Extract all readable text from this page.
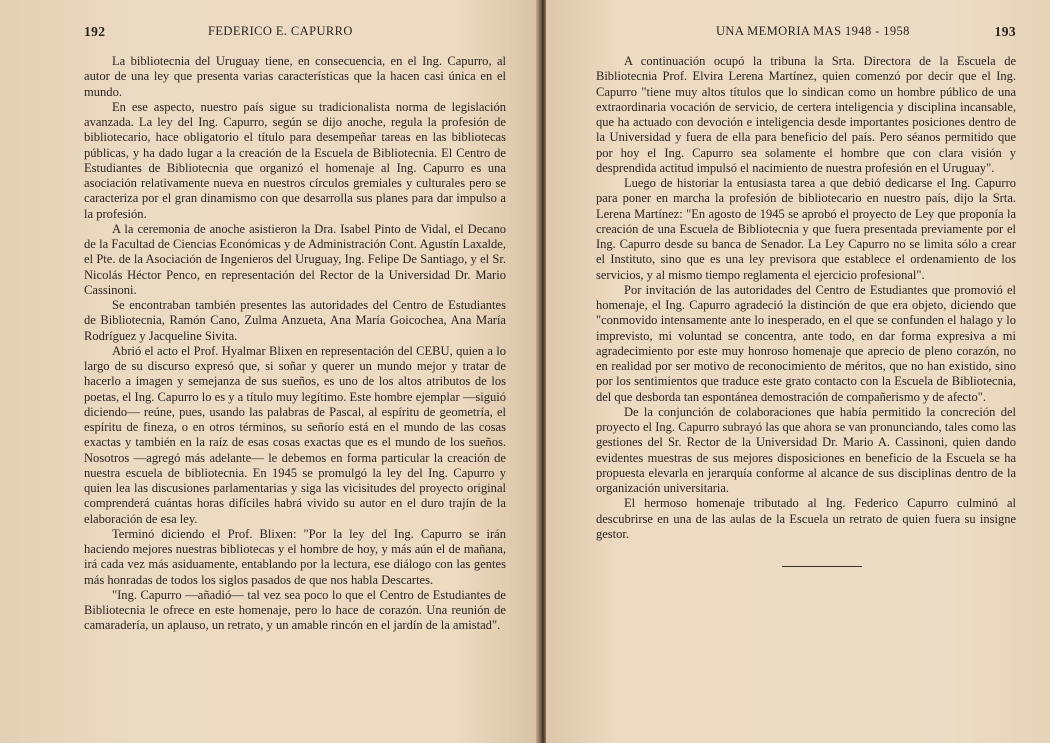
192	FEDERICO E. CAPURRO

La bibliotecnia del Uruguay tiene, en consecuencia, en el Ing. Capurro, al autor de una ley que presenta varias características que la hacen casi única en el mundo.

En ese aspecto, nuestro país sigue su tradicionalista norma de legislación avanzada. La ley del Ing. Capurro, según se dijo anoche, regula la profesión de bibliotecario, hace obligatorio el título para desempeñar tareas en las bibliotecas públicas, y ha dado lugar a la creación de la Escuela de Bibliotecnia. El Centro de Estudiantes de Bibliotecnia que organizó el homenaje al Ing. Capurro es una asociación relativamente nueva en nuestros círculos gremiales y culturales pero se caracteriza por el gran dinamismo con que desarrolla sus planes para dar impulso a la profesión.

A la ceremonia de anoche asistieron la Dra. Isabel Pinto de Vidal, el Decano de la Facultad de Ciencias Económicas y de Administración Cont. Agustín Laxalde, el Pte. de la Asociación de Ingenieros del Uruguay, Ing. Felipe De Santiago, y el Sr. Nicolás Héctor Penco, en representación del Rector de la Universidad Dr. Mario Cassinoni.

Se encontraban también presentes las autoridades del Centro de Estudiantes de Bibliotecnia, Ramón Cano, Zulma Anzueta, Ana María Goicochea, Ana María Rodríguez y Jacqueline Sivita.

Abrió el acto el Prof. Hyalmar Blixen en representación del CEBU, quien a lo largo de su discurso expresó que, si soñar y querer un mundo mejor y tratar de hacerlo a imagen y semejanza de sus sueños, es uno de los altos atributos de los poetas, el Ing. Capurro lo es y a título muy legítimo. Este hombre ejemplar —siguió diciendo— reúne, pues, usando las palabras de Pascal, al espíritu de geometría, el espíritu de fineza, o en otros términos, su señorío está en el mundo de las cosas exactas y también en la raíz de esas cosas exactas que es el mundo de los sueños. Nosotros —agregó más adelante— le debemos en forma particular la creación de nuestra escuela de bibliotecnia. En 1945 se promulgó la ley del Ing. Capurro y quien lea las discusiones parlamentarias y siga las vicisitudes del proyecto original comprenderá cuántas horas difíciles habrá vivido su autor en el duro trajín de la elaboración de esa ley.

Terminó diciendo el Prof. Blixen: "Por la ley del Ing. Capurro se irán haciendo mejores nuestras bibliotecas y el hombre de hoy, y más aún el de mañana, irá cada vez más asiduamente, entablando por la lectura, ese diálogo con las gentes más honradas de todos los siglos pasados de que nos habla Descartes.

"Ing. Capurro —añadió— tal vez sea poco lo que el Centro de Estudiantes de Bibliotecnia le ofrece en este homenaje, pero lo hace de corazón. Una reunión de camaradería, un aplauso, un retrato, y un amable rincón en el jardín de la amistad".

UNA MEMORIA MAS 1948 - 1958	193

A continuación ocupó la tribuna la Srta. Directora de la Escuela de Bibliotecnia Prof. Elvira Lerena Martínez, quien comenzó por decir que el Ing. Capurro "tiene muy altos títulos que lo sindican como un hombre público de una extraordinaria vocación de servicio, de certera inteligencia y disciplina incansable, que ha actuado con devoción e inteligencia desde importantes posiciones dentro de la Universidad y fuera de ella para beneficio del país. Pero séanos permitido que por hoy el Ing. Capurro sea solamente el hombre que con clara visión y desprendida actitud impulsó el nacimiento de nuestra profesión en el Uruguay".

Luego de historiar la entusiasta tarea a que debió dedicarse el Ing. Capurro para poner en marcha la profesión de bibliotecario en nuestro país, dijo la Srta. Lerena Martínez: "En agosto de 1945 se aprobó el proyecto de Ley que proponía la creación de una Escuela de Bibliotecnia y que fuera presentada previamente por el Ing. Capurro desde su banca de Senador. La Ley Capurro no se limita sólo a crear el Instituto, sino que es una ley previsora que establece el ordenamiento de los servicios, y al mismo tiempo reglamenta el ejercicio profesional".

Por invitación de las autoridades del Centro de Estudiantes que promovió el homenaje, el Ing. Capurro agradeció la distinción de que era objeto, diciendo que "conmovido intensamente ante lo inesperado, en el que se confunden el halago y lo imprevisto, mi voluntad se concentra, ante todo, en dar forma expresiva a mi agradecimiento por este muy honroso homenaje que aprecio de pleno corazón, no en realidad por ser motivo de reconocimiento de méritos, que no han existido, sino por los sentimientos que traduce este grato contacto con la Escuela de Bibliotecnia, del que desborda tan espontánea demostración de compañerismo y de afecto".

De la conjunción de colaboraciones que había permitido la concreción del proyecto el Ing. Capurro subrayó las que ahora se van pronunciando, tales como las gestiones del Sr. Rector de la Universidad Dr. Mario A. Cassinoni, quien dando evidentes muestras de sus mejores disposiciones en beneficio de la Escuela se ha propuesta elevarla en jerarquía conforme al alcance de sus disciplinas dentro de la organización universitaria.

El hermoso homenaje tributado al Ing. Federico Capurro culminó al descubrirse en una de las aulas de la Escuela un retrato de quien fuera su insigne gestor.
